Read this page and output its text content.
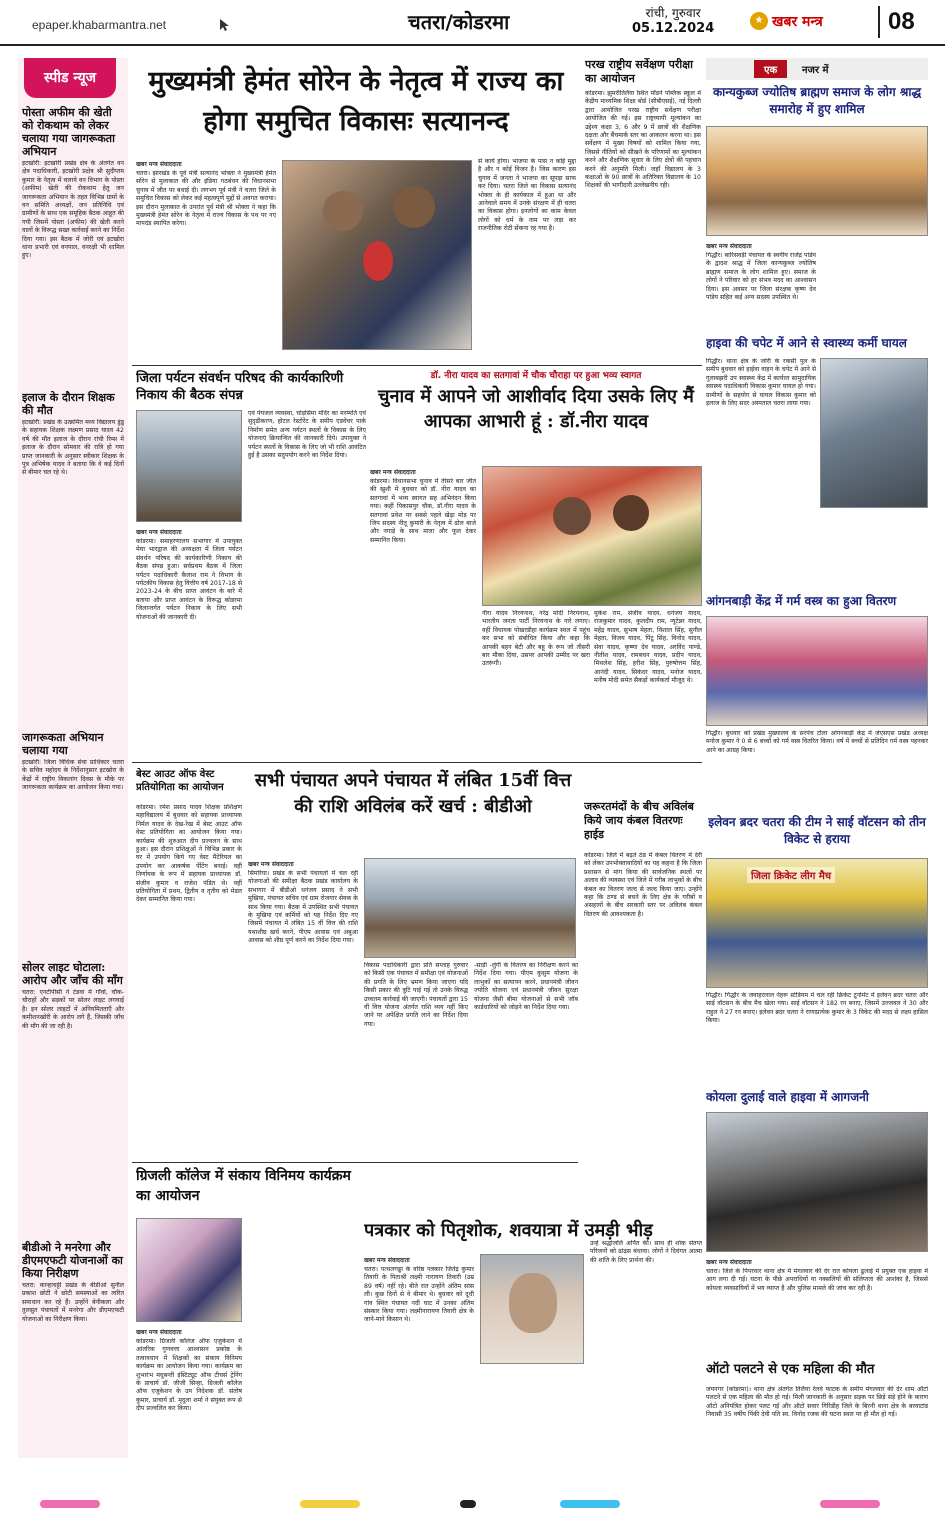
epaper.khabarmantra.net	चतरा/कोडरमा	रांची, गुरुवार
05.12.2024
★ खबर मन्त्र	08
स्पीड न्यूज
पोस्ता अफीम की खेती को रोकथाम को लेकर चलाया गया जागरूकता अभियान
इटखोरी: इटखोरी प्रखंड क्षेत्र के अंतर्गत वन क्षेत्र पदाधिकारी, इटखोरी प्रक्षेत्र श्री सुदीप्तम कुमार के नेतृत्व में चलाये वन विभाग के पोस्ता (अफीम) खेती की रोकथाम हेतु जन जागरूकता अभियान के तहत विभिन्न ग्रामों के वन समिति अध्यक्षों, जन प्रतिनिधि एवं ग्रामीणों के साथ एक समूहिक बैठक आहूत की गयी जिसमें पोस्ता (अफीम) की खेती करने वालों के विरूद्ध सख्त कार्रवाई करने का निर्देश दिया गया। इस बैठक में जोरी एवं इटखोरा धाना प्रभारी एवं वनपाल, वनरक्षी भी शामिल हुए।
इलाज के दौरान शिक्षक की मौत
इटखोरी: प्रखंड के उत्क्रमित मध्य विद्यालय डुंडू के सहायक शिक्षक लक्ष्मण प्रसाद यादव 42 वर्ष की मौत इलाज के दौरान रांची रिम्स में इलाज के दौरान सोमवार की रात्रि हो गया प्राप्त जानकारी के अनुसार स्वीकार शिक्षक के पुत्र अभिषेक यादव ने बताया कि वे कई दिनों से बीमार चल रहे थे।
जागरूकता अभियान चलाया गया
इटखोरी: जिला विधिक सेवा प्राधिकार चतरा के सचिव महोदय के निर्देशानुसार इटखोरा के केंद्रों में राष्ट्रीय विकलांग दिवस के मौके पर जागरूकता कार्यक्रम का आयोजन किया गया।
सोलर लाइट घोटाला: आरोप और जाँच की माँग
चतरा: एनटीपीसी ने टंडवा में गाँवों, चौक-चौराहों और सड़कों पर सोलर लाइट लगवाई है। इन सोलर लाइटों में अनियमितताएँ और कमीशनखोरी के आरोप लगे हैं, जिसकी जाँच की माँग की जा रही है।
बीडीओ ने मनरेगा और डीएमएफटी योजनाओं का किया निरीक्षण
चतरा: कान्हाचट्टी प्रखंड के बीडीओ सुनील प्रकाश छोटी ने छोटी समस्याओं का त्वरित समाधान कर रहे हैं। उन्होंने बेनीकला और तुलसुत पंचायतों में मनरेगा और डीएमएफटी योजनाओं का निरीक्षण किया।
मुख्यमंत्री हेमंत सोरेन के नेतृत्व में राज्य का होगा समुचित विकासः सत्यानन्द
खबर मन्त्र संवाददाता
चतरा। झारखंड के पूर्व मंत्री सत्यानंद भोक्ता ने मुख्यमंत्री हेमंत सोरेन से मुलाकात की और इंडिया गठबंधन की विधानसभा चुनाव में जीत पर बधाई दी। लगभग पूर्व मंत्री ने चतरा जिले के समुचित विकास को लेकर कई महत्वपूर्ण मुद्दों से अवगत कराया। इस दौरान मुलाकात के उपरांत पूर्व मंत्री श्री भोक्ता ने कहा कि मुख्यमंत्री हेमंत सोरेन के नेतृत्व में राज्य विकास के पथ पर नए मापदंड स्थापित करेगा।
से कार्य होगा। भाजपा के पास न कोई मुद्दा है और न कोई विजन है। जिस कारण इस चुनाव में जनता ने भाजपा का सूपड़ा साफ कर दिया। चतरा जिले का विकास सत्यानंद भोक्ता के ही कार्यकाल में हुआ था और आनेवाले समय में उनके संरक्षण में ही चतरा का विकास होगा। इनलोगों का काम केवल लोगों को धर्म के नाम पर लड़ा कर राजनीतिक रोटी सेंकना रह गया है।
परख राष्ट्रीय सर्वेक्षण परीक्षा का आयोजन
कोडरमा। झुमरीतिलैया स्थित मॉडर्न पब्लिक स्कूल में केंद्रीय माध्यमिक शिक्षा बोर्ड (सीबीएसई), नई दिल्ली द्वारा आयोजित परख राष्ट्रीय सर्वेक्षण परीक्षा आयोजित की गई। इस राष्ट्रव्यापी मूल्यांकन का उद्देश्य कक्षा 3, 6 और 9 में छात्रों की शैक्षणिक दक्षता और बैंचमार्क स्तर का आकलन करना था। इस सर्वेक्षण में मुख्य विषयों को शामिल किया गया, जिससे नीतियों को सीखने के परिणामों का मूल्यांकन करने और शैक्षणिक सुधार के लिए क्षेत्रों की पहचान करने की अनुमति मिली। जहाँ विद्यालय के 3 कक्षाओं के 90 छात्रों के अतिरिक्त विद्यालय के 10 शिक्षकों की भागीदारी उल्लेखनीय रही।
जिला पर्यटन संवर्धन परिषद की कार्यकारिणी निकाय की बैठक संपन्न
खबर मन्त्र संवाददाता
कोडरमा। समाहरणालय सभागार में उपायुक्त मेघा भारद्वाज की अध्यक्षता में जिला पर्यटन संवर्धन परिषद की कार्यकारिणी निकाय की बैठक संपन्न हुआ। सर्वप्रथम बैठक में जिला पर्यटन पदाधिकारी कैलाश राम ने विभाग के पर्यटकीय विकास हेतु वित्तीय वर्ष 2017-18 से 2023-24 के बीच प्राप्त आवंटन के बारे में बताया और प्राप्त आवंटन के विरूद्ध कोडरमा जिलान्तर्गत पर्यटन निकाय के लिए सभी योजनाओं की जानकारी दी।
एवं पेयजल व्यवस्था, चोड़सिमा मंदिर का मरम्मति एवं सुदृढीकरण, होटल रेस्टोरेंट के समीप एडवेंचर पार्क निर्माण समेत अन्य पर्यटन स्थलों के विकास के लिए योजनाएं क्रियान्वित की जानकारी दिये। उपायुक्त ने पर्यटन स्थलों के विकास के लिए जो भी राशि आवंटित हुई है उसका सदुपयोग करने का निर्देश दिया।
डॉ. नीरा यादव का सतगावां में चौक चौराहा पर हुआ भव्य स्वागत
चुनाव में आपने जो आशीर्वाद दिया उसके लिए मैं आपका आभारी हूं : डॉ.नीरा यादव
खबर मन्त्र संवाददाता
कोडरमा। विधानसभा चुनाव में तीसरे बार जीत की खुशी में बुधवार को डॉ. नीरा यादव का सतगावां में भव्य स्वागत सह अभिनंदन किया गया। कहीं पिकासपुर चौक, डॉ.नीरा यादव के सतगावां प्रवेश पर सबसे पहले खेढ़ा मोड़ पर जिप सदस्य नीतू कुमारी के नेतृत्व में ढोल बाजे और नगाड़े के साथ माला और फूल देकर सम्मानित किया।
नीरा यादव निरयनाथ, नरेंद्र मोदी निरयनाथ, भारतीय जनता पार्टी निरयनाथ के नारे लगाए। वहीं विधायक पोखरडीहा कार्यक्रम स्थल में पहुंच कर सभा को संबोधित किया और कहा कि आपकी बहन बेटी और बहू के रूप जो तीसरी बार मौका दिया, उसपर आपकी उम्मीद पर खरा उतरूंगी।
मुकेश राम, संजीव यादव, धनंजय यादव, राजकुमार यादव, कुलदीप राम, न्यूटेन्नर यादव, महेंद्र यादव, सुभाष मेहता, विशाल सिंह, सुनील मेहता, विजय यादव, पिंटू सिंह, विनोद यादव, सेवा यादव, कृष्णा देव यादव, अरविंद पाण्डे, नीतीश यादव, रामबचन यादव, प्रदीप यादव, मिथलेश सिंह, हरीश सिंह, पुरुषोत्तम सिंह, आनंदी यादव, सिकंदर यादव, मनोज यादव, मनीष मोदी समेत सैकड़ों कार्यकर्ता मौजूद थे।
बेस्ट आउट ऑफ वेस्ट प्रतियोगिता का आयोजन
कोडरमा। रमेश प्रसाद यादव शिक्षक प्रशिक्षण महाविद्यालय में बुधवार को सहायक प्राध्यापक निर्मल यादव के देख-रेख में बेस्ट आउट ऑफ वेस्ट प्रतियोगिता का आयोजन किया गया। कार्यक्रम की शुरुआत दीप प्रज्वलन के साथ हुआ। इस दौरान प्रशिक्षुओं ने विभिन्न प्रकार के घर में उपयोग किये गए वेस्ट मैटेरियल का उपयोग कर आकर्षक पेंटिंग बनाई। वहीं निर्णायक के रूप में सहायक प्राध्यापक डॉ. संजीव कुमार व राजेश पंडित थे। वहीं प्रतियोगिता में प्रथम, द्वितीय व तृतीय को मेडल देकर सम्मानित किया गया।
सभी पंचायत अपने पंचायत में लंबित 15वीं वित्त की राशि अविलंब करें खर्च : बीडीओ
खबर मन्त्र संवाददाता
सिमरिया। प्रखंड के सभी पंचायतों में चल रही योजनाओं की समीक्षा बैठक प्रखंड कार्यालय के सभागार में बीडीओ धनंजय प्रसाद ने सभी मुखिया, पंचायत सचिव एवं ग्राम रोजगार सेवक के साथ किया गया। बैठक में उपस्थित सभी पंचायत के मुखिया एवं कर्मियों को यह निर्देश दिए गए जिसमें पंचायत में लंबित 15 वीं वित्त की राशि यथाशीघ्र खर्च करने, पीएम आवास एवं अबुआ आवास को शीघ्र पूर्ण करने का निर्देश दिया गया।
विकास पदाधिकारी द्वारा प्रति सप्ताह गुरुवार को किसी एक पंचायत में समीक्षा एवं योजनाओं की प्रगति के लिए भ्रमण किया जाएगा यदि किसी प्रकार की त्रुटि पाई गई तो उनके विरुद्ध उच्चतम कार्रवाई की जाएगी। पंचायतों द्वारा 15 वीं वित्त योजना अंतर्गत राशि व्यय नहीं किए जाने पर अपेक्षित प्रगति लाने का निर्देश दिया गया।
-साड़ी -लुंगी के वितरण का निरीक्षण करने का निर्देश दिया गया। पीएम कुसुम योजना के लाभुकों का सत्यापन करने, प्रधानमंत्री जीवन ज्योति योजना एवं प्रधानमंत्री जीवन सुरक्षा योजना जैसी बीमा योजनाओं से सभी जॉब कार्डधारियों को जोड़ने का निर्देश दिया गया।
जरूरतमंदों के बीच अविलंब किये जाय कंबल वितरणः हाईड
कोडरमा। जिले में बढ़ते ठंड में कंबल वितरण में देरी को लेकर उपभोक्तावादियों का यह कहना है कि जिला प्रशासन से मांग किया की सार्वजनिक स्थलों पर अलाव की व्यवस्था एवं जिले में गरीब लाभुकों के बीच कंबल का वितरण जल्द से जल्द किया जाए। उन्होंने कहा कि ठण्ड से बचने के लिए क्षेत्र के गरीबों व असहायों के बीच सरकारी स्तर पर अविलंब कंबल वितरण की आवश्यकता है।
ग्रिजली कॉलेज में संकाय विनिमय कार्यक्रम का आयोजन
खबर मन्त्र संवाददाता
कोडरमा। ग्रिजली कॉलेज ऑफ एजुकेशन में आंतरिक गुणवत्ता आश्वासन प्रकोष्ठ के तत्वावधान में शिक्षकों का संकाय विनिमय कार्यक्रम का आयोजन किया गया। कार्यक्रम का शुभारंभ मधुबन्ती इंस्टिट्यूट ऑफ टीचर्स ट्रेनिंग के प्राचार्य डॉ. जीजी सिन्हा, ग्रिजली कॉलेज ऑफ एजुकेशन के उप निदेशक डॉ. संतोष कुमार, प्राचार्य डॉ. मृदुला शर्मा ने संयुक्त रूप से दीप प्रज्वलित कर किया।
पत्रकार को पितृशोक, शवयात्रा में उमड़ी भीड़
खबर मन्त्र संवाददाता
चतरा। पत्थलगड्डा के वरिष्ठ पत्रकार जितेंद्र कुमार तिवारी के पिताश्री लक्ष्मी नारायण तिवारी (उम्र 89 वर्ष) नहीं रहे। बीते रात उन्होंने अंतिम सांस ली। कुछ दिनों से वे बीमार थे। बुधवार को दूधी गांव स्थित पंचायत नदी घाट में उनका अंतिम संस्कार किया गया। लक्ष्मीनारायण तिवारी क्षेत्र के जाने-माने किसान थे।
उन्हें श्रद्धांजलि अर्पित की। साथ ही शोक संतप्त परिजनों को ढांढ़स बंधाया। लोगों ने दिवंगत आत्मा की शांति के लिए प्रार्थना की।
एक	नजर में
कान्यकुब्ज ज्योतिष ब्राह्मण समाज के लोग श्राद्ध समारोह में हुए शामिल
खबर मन्त्र संवाददाता
गिद्धौर। बारिसवड़ी पंचायत के स्वर्गीय राजेंद्र पांडेय के द्वादश श्राद्ध में जिला कान्यकुब्ज ज्योतिष ब्राह्मण समाज के लोग शामिल हुए। समाज के लोगों ने परिवार को हर संभव मदद का आश्वासन दिया। इस अवसर पर जिला संरक्षक कृष्ण देव पांडेय सहित कई अन्य सदस्य उपस्थित थे।
हाइवा की चपेट में आने से स्वास्थ्य कर्मी घायल
गिद्धौर। थाना क्षेत्र के जोरी के रकसी पुल के समीप बुधवार को हाईवा वाहन के चपेट में आने से गुलाबझरी उप स्वास्थ्य केंद्र में कार्यरत सामुदायिक स्वास्थ्य पदाधिकारी विकास कुमार घायल हो गया। ग्रामीणों के सहयोग से घायल विकास कुमार को इलाज के लिए सदर अस्पताल चतरा लाया गया।
आंगनबाड़ी केंद्र में गर्म वस्त्र का हुआ वितरण
गिद्धौर। बुधवार को प्रखंड मुख्यालय के सरपंच टोला आंगनबाड़ी केंद्र में जेएसएस प्रखंड अध्यक्ष मनोज कुमार ने 0 से 6 बच्चों को गर्म वस्त्र वितरित किया। वर्ष में बच्चों से प्रतिदिन गर्म वस्त्र पहनकर आने का आग्रह किया।
इलेवन ब्रदर चतरा की टीम ने साई वॉटसन को तीन विकेट से हराया
जिला क्रिकेट लीग मैच
गिद्धौर। गिद्धौर के जवाहरलाल नेहरू स्टेडियम में चल रही क्रिकेट टूर्नामेंट में इलेवन ब्रदर चतरा और साई वॉटसन के बीच मैच खेला गया। साई वॉटसन ने 182 रन बनाए, जिसमें उज्जवल ने 30 और राहुल ने 27 रन बनाए। इलेवन ब्रदर चतरा ने राणाप्रत्येक कुमार के 3 विकेट की मदद से लक्ष्य हासिल किया।
कोयला दुलाई वाले हाइवा में आगजनी
खबर मन्त्र संवाददाता
चतरा। जिले के पिपरवार थाना क्षेत्र में मंगलवार की देर रात कोयला ढुलाई में प्रयुक्त एक हाइवा में आग लगा दी गई। घटना के पीछे अपराधियों या नक्सलियों की संलिप्तता की आशंका है, जिससे कोयला व्यवसायियों में भय व्याप्त है और पुलिस मामले की जांच कर रही है।
ऑटो पलटने से एक महिला की मौत
जयनगर (कोडरमा)। थाना क्षेत्र अंतर्गत तिलैया रेलवे फाटक के समीप मंगलवार की देर शाम ऑटो पलटने से एक महिला की मौत हो गई। मिली जानकारी के अनुसार सड़क पर छिड़े सड़े होने के कारण ऑटो अनियंत्रित होकर पलट गई और ऑटो सवार गिरिडीह जिले के बिरनी थाना क्षेत्र के बरवाटांड निवासी 35 वर्षीय पिंकी देवी पति स्व. विनोद रजक की घटना स्थल पर ही मौत हो गई।
